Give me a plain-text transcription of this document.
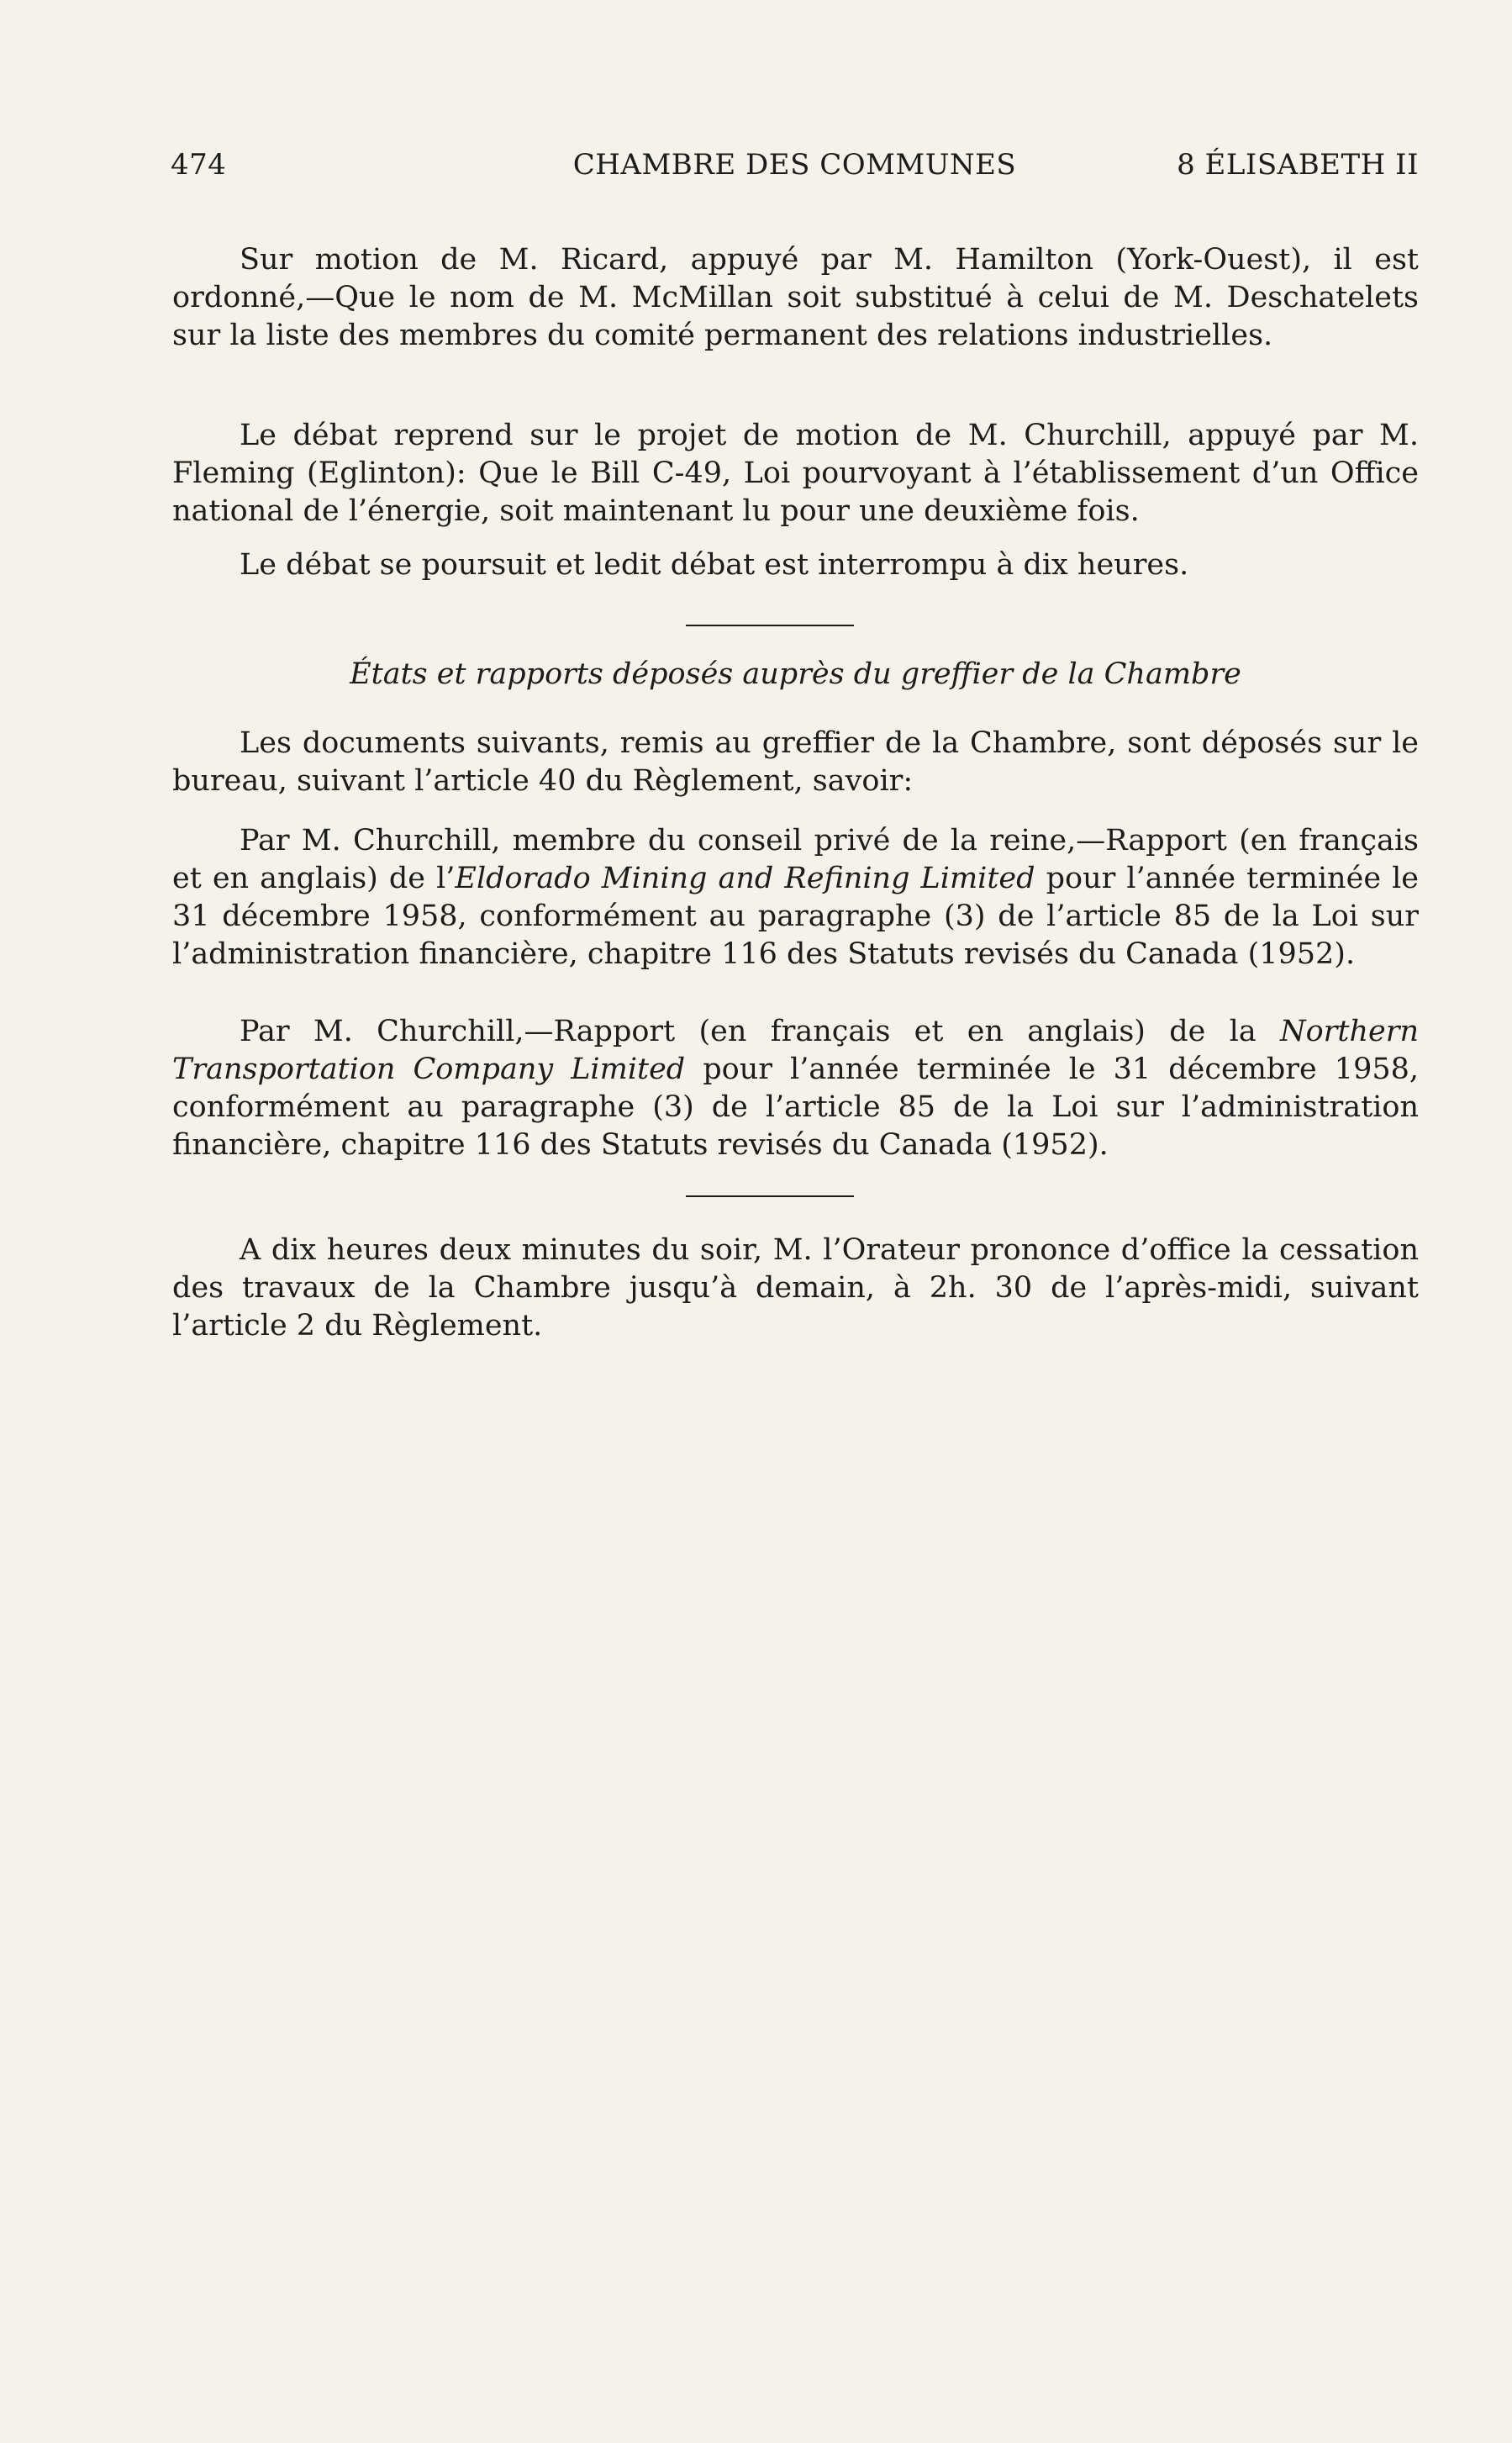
474	CHAMBRE DES COMMUNES	8 ÉLISABETH II

Sur motion de M. Ricard, appuyé par M. Hamilton (York-Ouest), il est ordonné,—Que le nom de M. McMillan soit substitué à celui de M. Deschatelets sur la liste des membres du comité permanent des relations industrielles.

Le débat reprend sur le projet de motion de M. Churchill, appuyé par M. Fleming (Eglinton): Que le Bill C-49, Loi pourvoyant à l’établissement d’un Office national de l’énergie, soit maintenant lu pour une deuxième fois.

Le débat se poursuit et ledit débat est interrompu à dix heures.

États et rapports déposés auprès du greffier de la Chambre

Les documents suivants, remis au greffier de la Chambre, sont déposés sur le bureau, suivant l’article 40 du Règlement, savoir:

Par M. Churchill, membre du conseil privé de la reine,—Rapport (en français et en anglais) de l’Eldorado Mining and Refining Limited pour l’année terminée le 31 décembre 1958, conformément au paragraphe (3) de l’article 85 de la Loi sur l’administration financière, chapitre 116 des Statuts revisés du Canada (1952).

Par M. Churchill,—Rapport (en français et en anglais) de la Northern Transportation Company Limited pour l’année terminée le 31 décembre 1958, conformément au paragraphe (3) de l’article 85 de la Loi sur l’administration financière, chapitre 116 des Statuts revisés du Canada (1952).

A dix heures deux minutes du soir, M. l’Orateur prononce d’office la cessation des travaux de la Chambre jusqu’à demain, à 2h. 30 de l’après-midi, suivant l’article 2 du Règlement.
